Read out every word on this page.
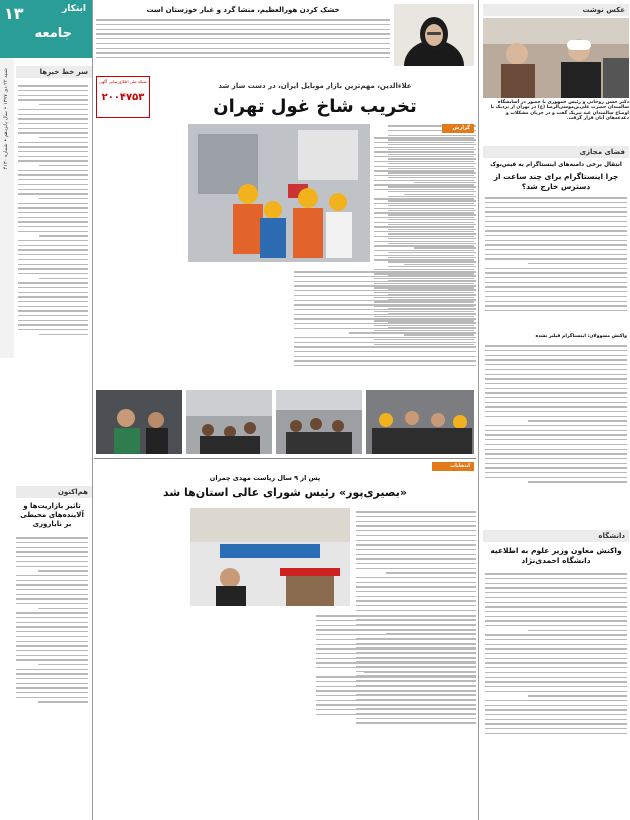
۱۳	ابتکار
جامعه
شنبه ۲۲ دی ۱۳۹۷ • سال پانزدهم • شماره ۴۱۳۰	سر خط خبرها
هم‌اکنون
تاثیر بازاریت‌ها و آلاینده‌های محیطی بر ناباروری
خشک کردن هورالعظیم، منشا گرد و غبار خوزستان است
شبکه ملی اطلاع‌رسانی آگهی
۲۰۰۴۷۵۳
علاءالدین، مهم‌ترین بازار موبایل ایران، در دست ساز شد
تخریب شاخ غول تهران
گزارش
انتخابات
پس از ۹ سال ریاست مهدی چمران
«بصیری‌پور» رئیس شورای عالی استان‌ها شد
عکس نوشت
دکتر حسن روحانی و رئیس جمهوری با حضور در آسایشگاه سالمندان حضرت علی‌بن‌موسی‌الرضا (ع) در تهران از نزدیک با اوضاع سالمندان عید تبریک گفت و در جریان مشکلات و دغدغه‌های آنان قرار گرفت.
فضای مجازی
انتقال برخی دامنه‌های اینستاگرام به فیس‌بوک
چرا اینستاگرام برای چند ساعت از دسترس خارج شد؟
واکنش مسوولان: اینستاگرام فیلتر نشده
دانشگاه
واکنش معاون وزیر علوم به اطلاعیه دانشگاه احمدی‌نژاد
